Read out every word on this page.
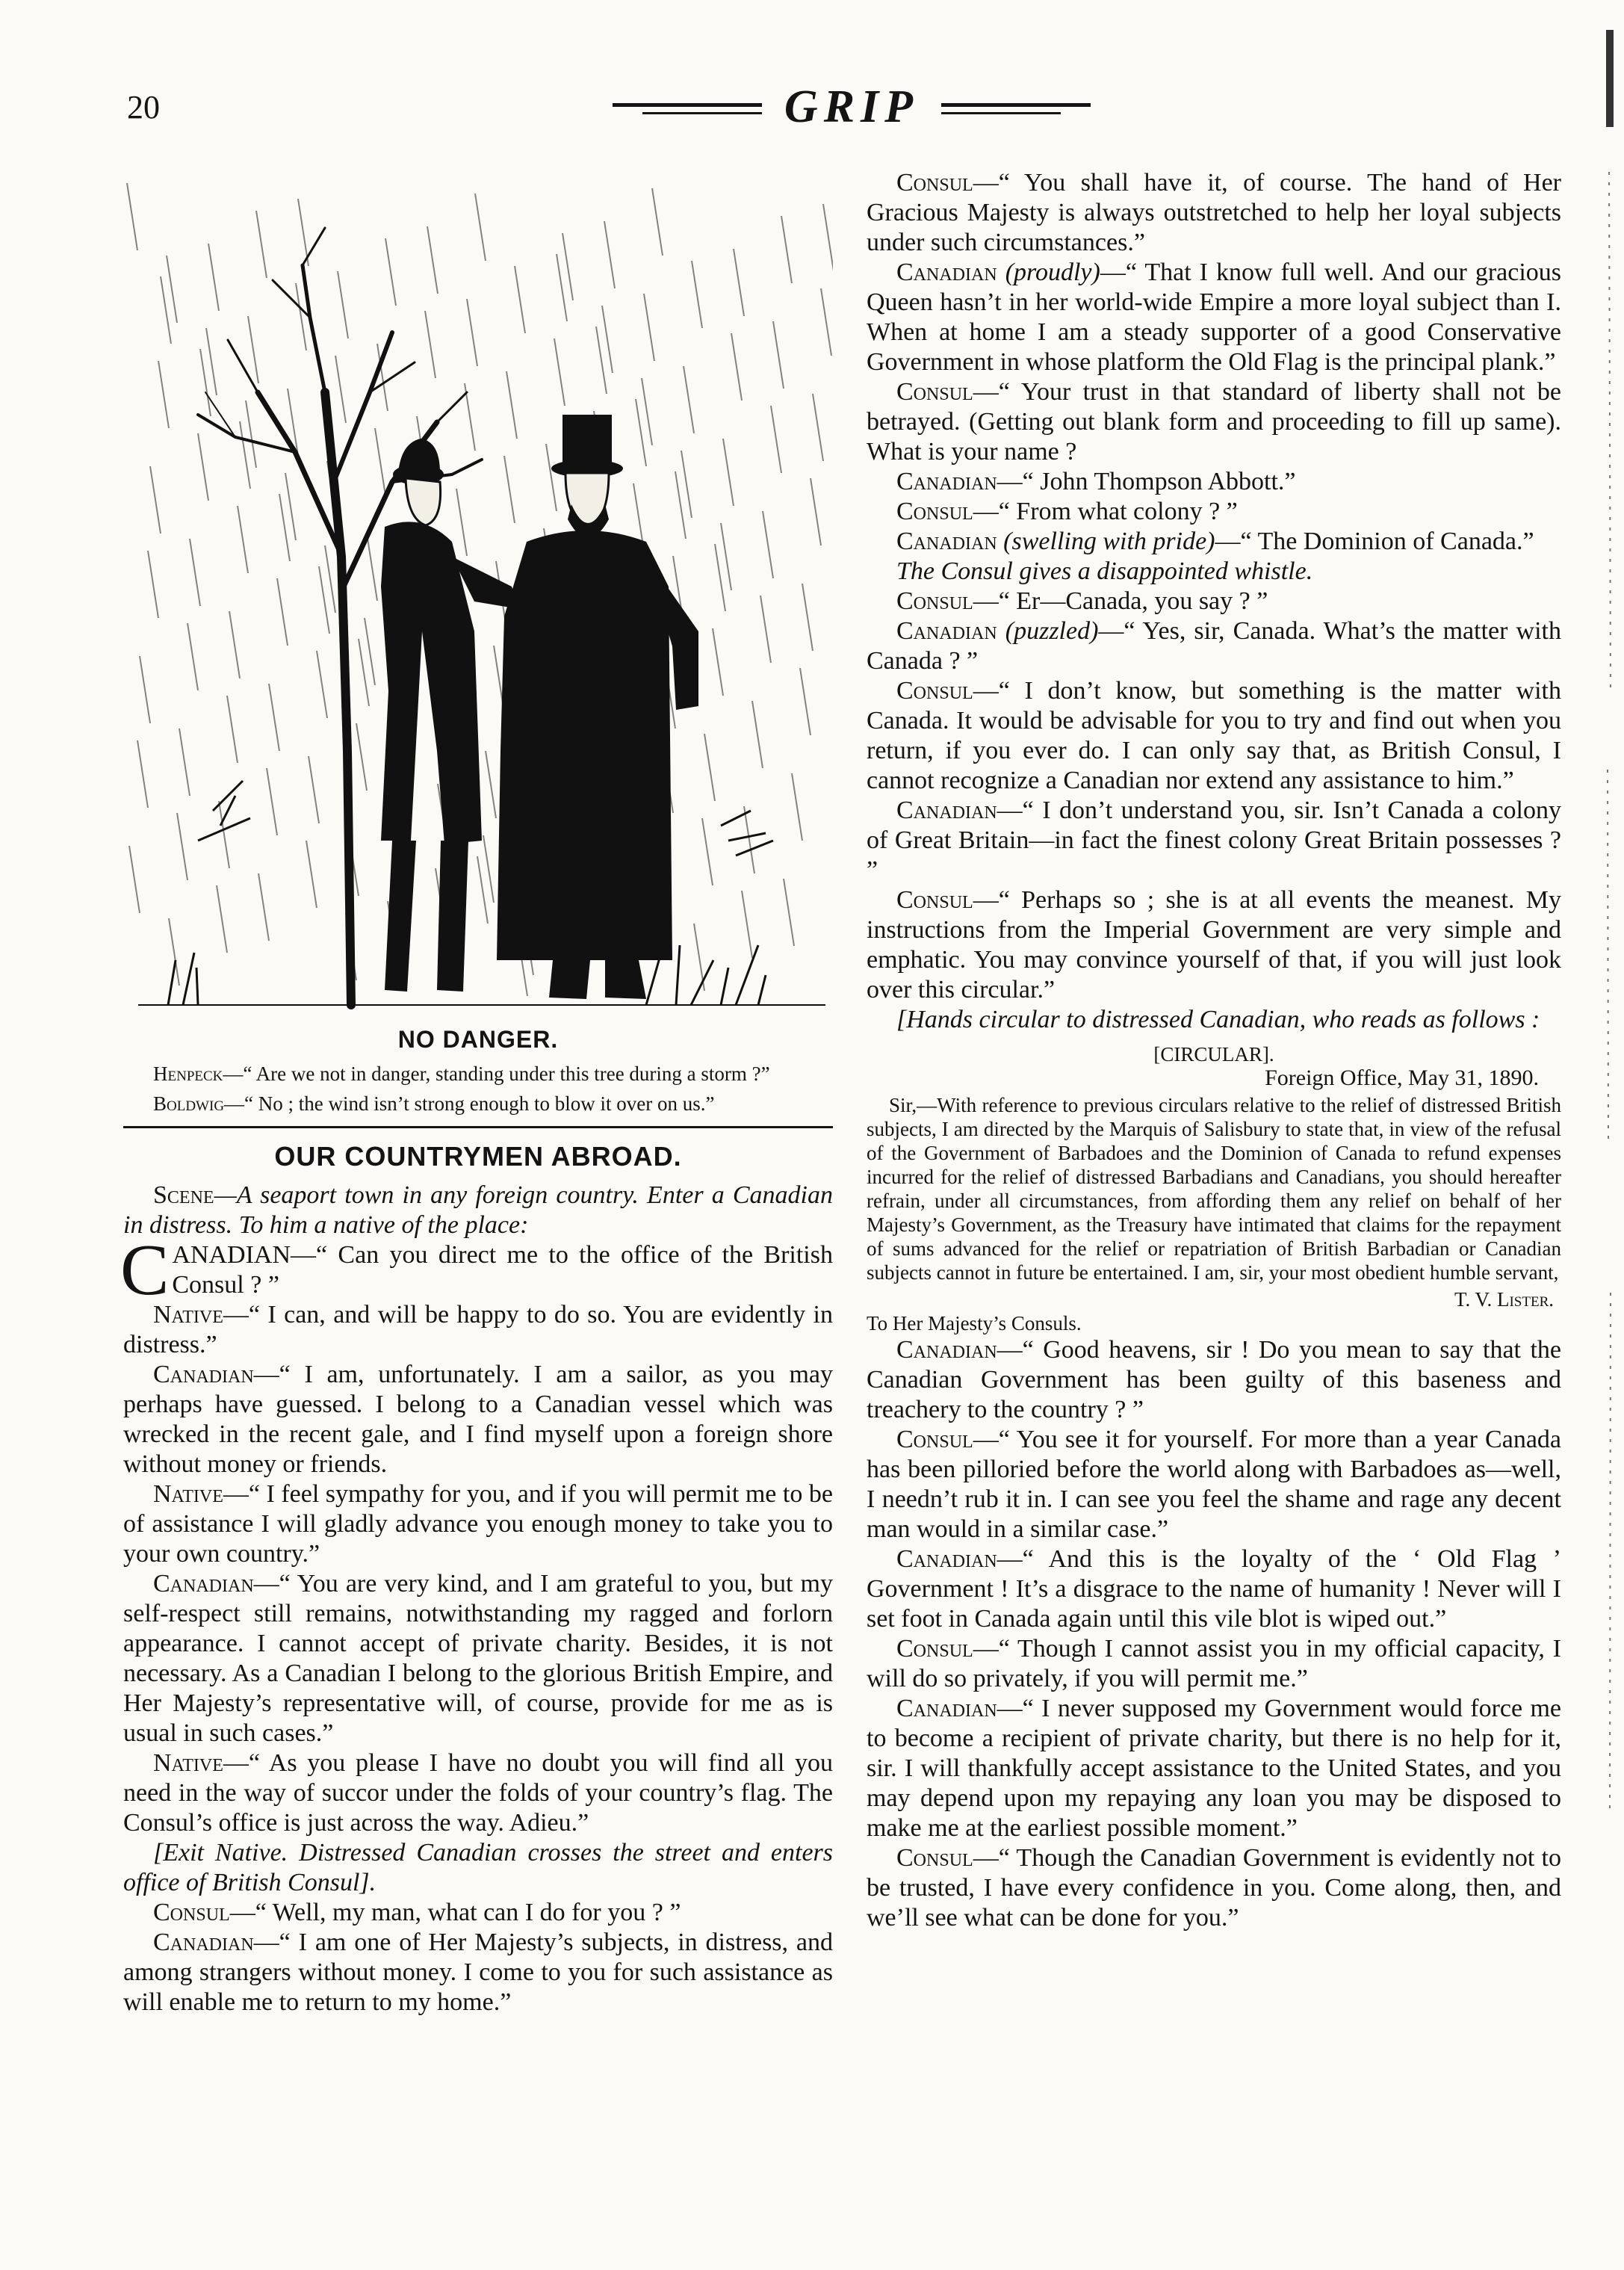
20	GRIP
NO DANGER.

Henpeck—“ Are we not in danger, standing under this tree during a storm ?”

Boldwig—“ No ; the wind isn’t strong enough to blow it over on us.”

OUR COUNTRYMEN ABROAD.

Scene—A seaport town in any foreign country. Enter a Canadian in distress. To him a native of the place:

CANADIAN—“ Can you direct me to the office of the British Consul ? ”

Native—“ I can, and will be happy to do so. You are evidently in distress.”

Canadian—“ I am, unfortunately. I am a sailor, as you may perhaps have guessed. I belong to a Canadian vessel which was wrecked in the recent gale, and I find myself upon a foreign shore without money or friends.

Native—“ I feel sympathy for you, and if you will permit me to be of assistance I will gladly advance you enough money to take you to your own country.”

Canadian—“ You are very kind, and I am grateful to you, but my self-respect still remains, notwithstanding my ragged and forlorn appearance. I cannot accept of private charity. Besides, it is not necessary. As a Canadian I belong to the glorious British Empire, and Her Majesty’s representative will, of course, provide for me as is usual in such cases.”

Native—“ As you please I have no doubt you will find all you need in the way of succor under the folds of your country’s flag. The Consul’s office is just across the way. Adieu.”

[Exit Native. Distressed Canadian crosses the street and enters office of British Consul].

Consul—“ Well, my man, what can I do for you ? ”

Canadian—“ I am one of Her Majesty’s subjects, in distress, and among strangers without money. I come to you for such assistance as will enable me to return to my home.”

Consul—“ You shall have it, of course. The hand of Her Gracious Majesty is always outstretched to help her loyal subjects under such circumstances.”

Canadian (proudly)—“ That I know full well. And our gracious Queen hasn’t in her world-wide Empire a more loyal subject than I. When at home I am a steady supporter of a good Conservative Government in whose platform the Old Flag is the principal plank.”

Consul—“ Your trust in that standard of liberty shall not be betrayed. (Getting out blank form and proceeding to fill up same). What is your name ?

Canadian—“ John Thompson Abbott.”

Consul—“ From what colony ? ”

Canadian (swelling with pride)—“ The Dominion of Canada.”

The Consul gives a disappointed whistle.

Consul—“ Er—Canada, you say ? ”

Canadian (puzzled)—“ Yes, sir, Canada. What’s the matter with Canada ? ”

Consul—“ I don’t know, but something is the matter with Canada. It would be advisable for you to try and find out when you return, if you ever do. I can only say that, as British Consul, I cannot recognize a Canadian nor extend any assistance to him.”

Canadian—“ I don’t understand you, sir. Isn’t Canada a colony of Great Britain—in fact the finest colony Great Britain possesses ? ”

Consul—“ Perhaps so ; she is at all events the meanest. My instructions from the Imperial Government are very simple and emphatic. You may convince yourself of that, if you will just look over this circular.”

[Hands circular to distressed Canadian, who reads as follows :

[CIRCULAR].
Foreign Office, May 31, 1890.
Sir,—With reference to previous circulars relative to the relief of distressed British subjects, I am directed by the Marquis of Salisbury to state that, in view of the refusal of the Government of Barbadoes and the Dominion of Canada to refund expenses incurred for the relief of distressed Barbadians and Canadians, you should hereafter refrain, under all circumstances, from affording them any relief on behalf of her Majesty’s Government, as the Treasury have intimated that claims for the repayment of sums advanced for the relief or repatriation of British Barbadian or Canadian subjects cannot in future be entertained. I am, sir, your most obedient humble servant,
T. V. Lister.
To Her Majesty’s Consuls.

Canadian—“ Good heavens, sir ! Do you mean to say that the Canadian Government has been guilty of this baseness and treachery to the country ? ”

Consul—“ You see it for yourself. For more than a year Canada has been pilloried before the world along with Barbadoes as—well, I needn’t rub it in. I can see you feel the shame and rage any decent man would in a similar case.”

Canadian—“ And this is the loyalty of the ‘ Old Flag ’ Government ! It’s a disgrace to the name of humanity ! Never will I set foot in Canada again until this vile blot is wiped out.”

Consul—“ Though I cannot assist you in my official capacity, I will do so privately, if you will permit me.”

Canadian—“ I never supposed my Government would force me to become a recipient of private charity, but there is no help for it, sir. I will thankfully accept assistance to the United States, and you may depend upon my repaying any loan you may be disposed to make me at the earliest possible moment.”

Consul—“ Though the Canadian Government is evidently not to be trusted, I have every confidence in you. Come along, then, and we’ll see what can be done for you.”
